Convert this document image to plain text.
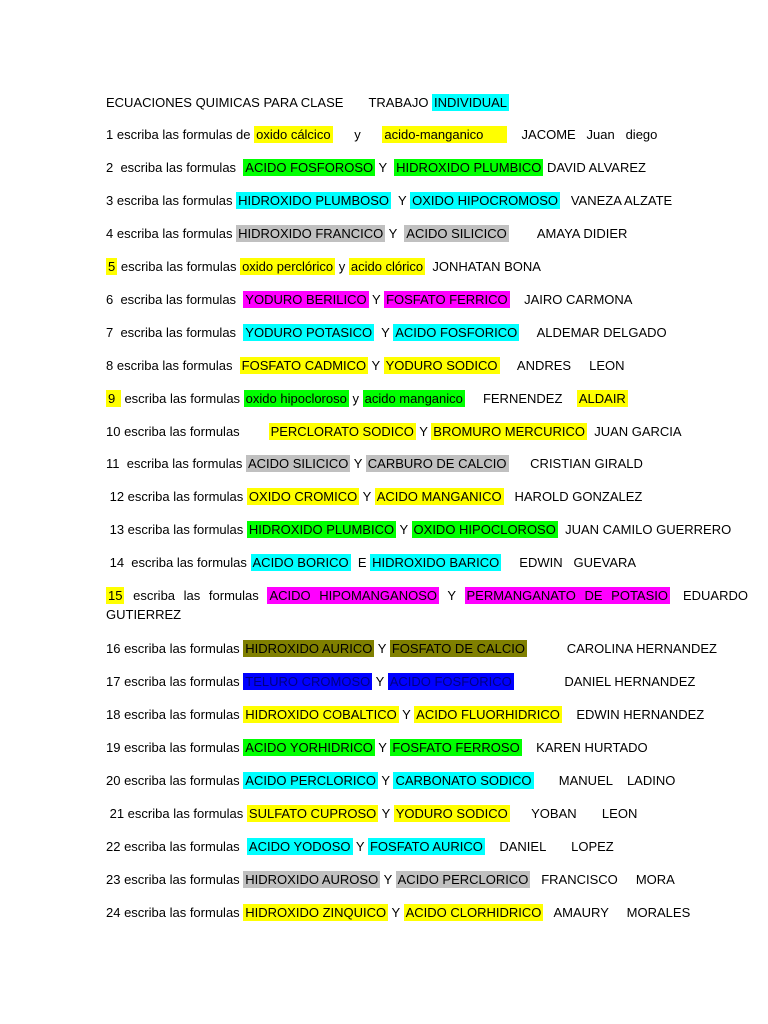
ECUACIONES QUIMICAS PARA CLASE       TRABAJO INDIVIDUAL
1 escriba las formulas de oxido cálcico      y      acido-manganico          JACOME   Juan   diego
2  escriba las formulas  ACIDO FOSFOROSO Y  HIDROXIDO PLUMBICO DAVID ALVAREZ
3 escriba las formulas HIDROXIDO PLUMBOSO  Y OXIDO HIPOCROMOSO   VANEZA ALZATE
4 escriba las formulas HIDROXIDO FRANCICO Y  ACIDO SILICICO        AMAYA DIDIER
5 escriba las formulas oxido perclórico y acido clórico  JONHATAN BONA
6  escriba las formulas  YODURO BERILICO Y FOSFATO FERRICO    JAIRO CARMONA
7  escriba las formulas  YODURO POTASICO  Y ACIDO FOSFORICO     ALDEMAR DELGADO
8 escriba las formulas  FOSFATO CADMICO Y YODURO SODICO     ANDRES     LEON
9  escriba las formulas oxido hipocloroso y acido manganico     FERNENDEZ    ALDAIR
10 escriba las formulas        PERCLORATO SODICO Y BROMURO MERCURICO  JUAN GARCIA
11  escriba las formulas ACIDO SILICICO Y CARBURO DE CALCIO      CRISTIAN GIRALD
12 escriba las formulas OXIDO CROMICO Y ACIDO MANGANICO   HAROLD GONZALEZ
13 escriba las formulas HIDROXIDO PLUMBICO Y OXIDO HIPOCLOROSO  JUAN CAMILO GUERRERO
14  escriba las formulas ACIDO BORICO  E HIDROXIDO BARICO     EDWIN   GUEVARA
15  escriba  las  formulas  ACIDO  HIPOMANGANOSO  Y  PERMANGANATO  DE  POTASIO   EDUARDO GUTIERREZ
16 escriba las formulas HIDROXIDO AURICO Y FOSFATO DE CALCIO           CAROLINA HERNANDEZ
17 escriba las formulas TELURO CROMOSO Y ACIDO FOSFORICO              DANIEL HERNANDEZ
18 escriba las formulas HIDROXIDO COBALTICO Y ACIDO FLUORHIDRICO    EDWIN HERNANDEZ
19 escriba las formulas ACIDO YORHIDRICO Y FOSFATO FERROSO    KAREN HURTADO
20 escriba las formulas ACIDO PERCLORICO Y CARBONATO SODICO       MANUEL    LADINO
21 escriba las formulas SULFATO CUPROSO Y YODURO SODICO      YOBAN       LEON
22 escriba las formulas  ACIDO YODOSO Y FOSFATO AURICO    DANIEL       LOPEZ
23 escriba las formulas HIDROXIDO AUROSO Y ACIDO PERCLORICO   FRANCISCO     MORA
24 escriba las formulas HIDROXIDO ZINQUICO Y ACIDO CLORHIDRICO   AMAURY     MORALES
